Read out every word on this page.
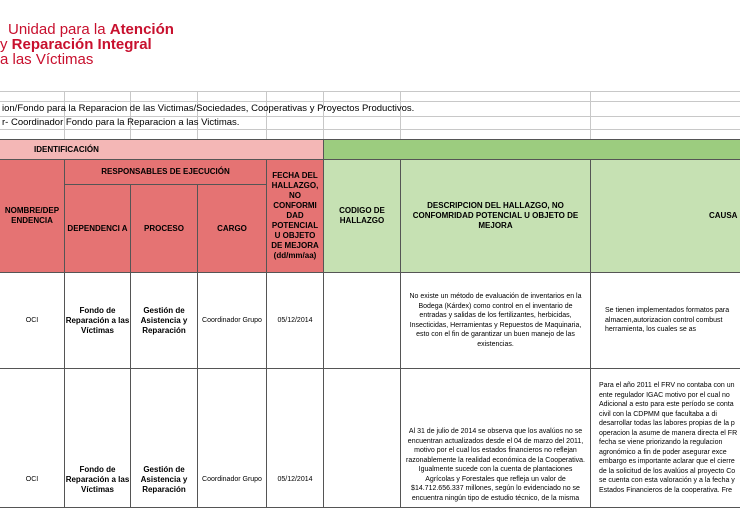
Unidad para la Atención
y Reparación Integral
a las Víctimas
ion/Fondo para la Reparacion de las Victimas/Sociedades, Cooperativas y Proyectos Productivos.
r- Coordinador Fondo para la Reparacion a las Victimas.
IDENTIFICACIÓN
NOMBRE/DEP ENDENCIA
RESPONSABLES DE EJECUCIÓN
DEPENDENCI A PROCESO	CARGO
FECHA DEL HALLAZGO, NO CONFORMI DAD POTENCIAL U OBJETO DE MEJORA (dd/mm/aa)
CODIGO DE HALLAZGO
DESCRIPCION DEL HALLAZGO, NO CONFOMRIDAD POTENCIAL U OBJETO DE MEJORA
CAUSA
OCI
Fondo de Reparación a las Víctimas
Gestión de Asistencia y Reparación
Coordinador Grupo 05/12/2014
No existe un método de evaluación de inventarios en la Bodega (Kárdex) como control en el inventario de entradas y salidas de los fertilizantes, herbicidas, Insecticidas, Herramientas y Repuestos de Maquinaria, esto con el fin de garantizar un buen manejo de las existencias.
Se tienen implementados formatos para almacen,autorizacion control combust herramienta, los cuales se as
OCI
Fondo de Reparación a las Víctimas
Gestión de Asistencia y Reparación
Coordinador Grupo 05/12/2014
Al 31 de julio de 2014 se observa que los avalúos no se encuentran actualizados desde el 04 de marzo del 2011, motivo por el cual los estados financieros no reflejan razonablemente la realidad económica de la Cooperativa. Igualmente sucede con la cuenta de plantaciones Agrícolas y Forestales que refleja un valor de $14.712.656.337 millones, según lo evidenciado no se encuentra ningún tipo de estudio técnico, de la misma
Para el año 2011 el FRV no contaba con un ente regulador IGAC motivo por el cual no Adicional a esto para este período se conta civil con la CDPMM que facultaba a di desarrollar todas las labores propias de la p operacion la asume de manera directa el FR fecha se viene priorizando la regulacion agronómico a fin de poder asegurar exce embargo es importante aclarar que el cierre de la solicitud de los avalúos al proyecto Co se cuenta con esta valoración y a la fecha y Estados Financieros de la cooperativa. Fre
